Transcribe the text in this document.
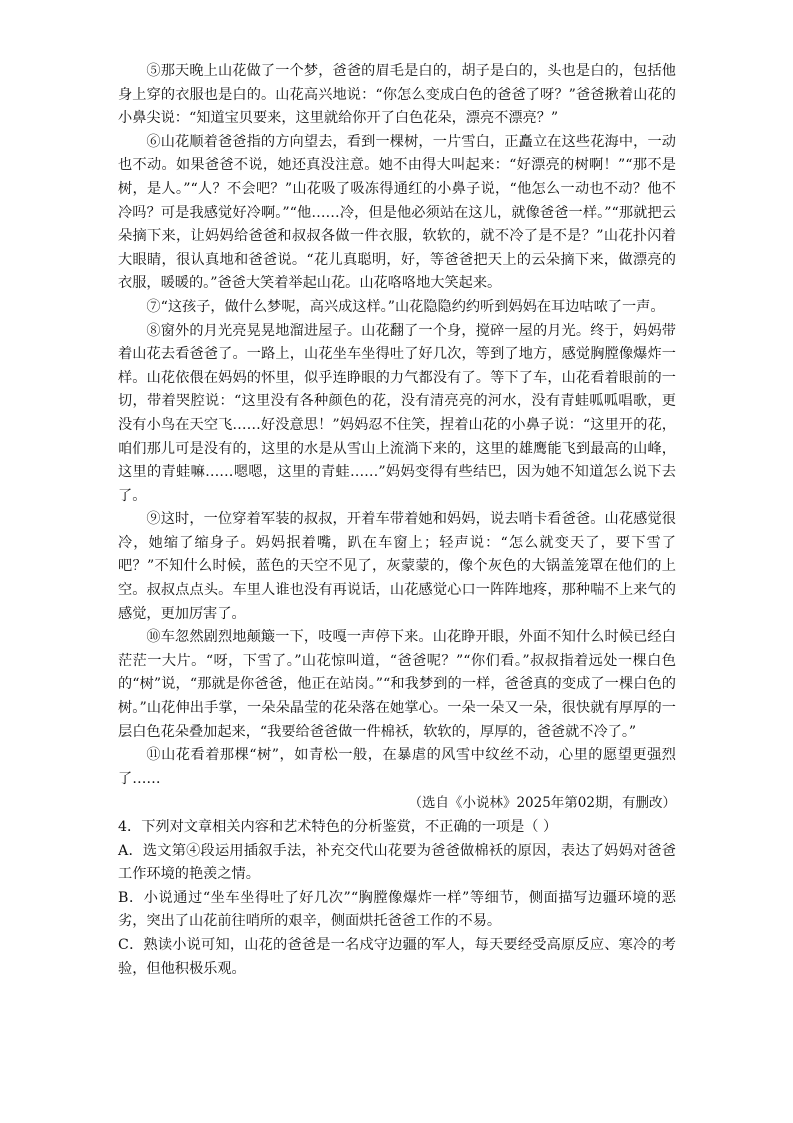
⑤那天晚上山花做了一个梦，爸爸的眉毛是白的，胡子是白的，头也是白的，包括他身上穿的衣服也是白的。山花高兴地说：“你怎么变成白色的爸爸了呀？”爸爸揪着山花的小鼻尖说：“知道宝贝要来，这里就给你开了白色花朵，漂亮不漂亮？”

⑥山花顺着爸爸指的方向望去，看到一棵树，一片雪白，正矗立在这些花海中，一动也不动。如果爸爸不说，她还真没注意。她不由得大叫起来：“好漂亮的树啊！”“那不是树，是人。”“人？不会吧？”山花吸了吸冻得通红的小鼻子说，“他怎么一动也不动？他不冷吗？可是我感觉好冷啊。”“他……冷，但是他必须站在这儿，就像爸爸一样。”“那就把云朵摘下来，让妈妈给爸爸和叔叔各做一件衣服，软软的，就不冷了是不是？”山花扑闪着大眼睛，很认真地和爸爸说。“花儿真聪明，好，等爸爸把天上的云朵摘下来，做漂亮的衣服，暖暖的。”爸爸大笑着举起山花。山花咯咯地大笑起来。

⑦“这孩子，做什么梦呢，高兴成这样。”山花隐隐约约听到妈妈在耳边咕哝了一声。

⑧窗外的月光亮晃晃地溜进屋子。山花翻了一个身，搅碎一屋的月光。终于，妈妈带着山花去看爸爸了。一路上，山花坐车坐得吐了好几次，等到了地方，感觉胸膛像爆炸一样。山花依偎在妈妈的怀里，似乎连睁眼的力气都没有了。等下了车，山花看着眼前的一切，带着哭腔说：“这里没有各种颜色的花，没有清亮亮的河水，没有青蛙呱呱唱歌，更没有小鸟在天空飞……好没意思！”妈妈忍不住笑，捏着山花的小鼻子说：“这里开的花，咱们那儿可是没有的，这里的水是从雪山上流淌下来的，这里的雄鹰能飞到最高的山峰，这里的青蛙嘛……嗯嗯，这里的青蛙……”妈妈变得有些结巴，因为她不知道怎么说下去了。

⑨这时，一位穿着军装的叔叔，开着车带着她和妈妈，说去哨卡看爸爸。山花感觉很冷，她缩了缩身子。妈妈抿着嘴，趴在车窗上；轻声说：“怎么就变天了，要下雪了吧？”不知什么时候，蓝色的天空不见了，灰蒙蒙的，像个灰色的大锅盖笼罩在他们的上空。叔叔点点头。车里人谁也没有再说话，山花感觉心口一阵阵地疼，那种喘不上来气的感觉，更加厉害了。

⑩车忽然剧烈地颠簸一下，吱嘎一声停下来。山花睁开眼，外面不知什么时候已经白茫茫一大片。“呀，下雪了。”山花惊叫道，“爸爸呢？”“你们看。”叔叔指着远处一棵白色的“树”说，“那就是你爸爸，他正在站岗。”“和我梦到的一样，爸爸真的变成了一棵白色的树。”山花伸出手掌，一朵朵晶莹的花朵落在她掌心。一朵一朵又一朵，很快就有厚厚的一层白色花朵叠加起来，“我要给爸爸做一件棉袄，软软的，厚厚的，爸爸就不冷了。”

⑪山花看着那棵“树”，如青松一般，在暴虐的风雪中纹丝不动，心里的愿望更强烈了……

（选自《小说林》2025年第02期，有删改）

4．下列对文章相关内容和艺术特色的分析鉴赏，不正确的一项是（ ）

A．选文第④段运用插叙手法，补充交代山花要为爸爸做棉袄的原因，表达了妈妈对爸爸工作环境的艳羡之情。

B．小说通过“坐车坐得吐了好几次”“胸膛像爆炸一样”等细节，侧面描写边疆环境的恶劣，突出了山花前往哨所的艰辛，侧面烘托爸爸工作的不易。

C．熟读小说可知，山花的爸爸是一名戍守边疆的军人，每天要经受高原反应、寒冷的考验，但他积极乐观。
